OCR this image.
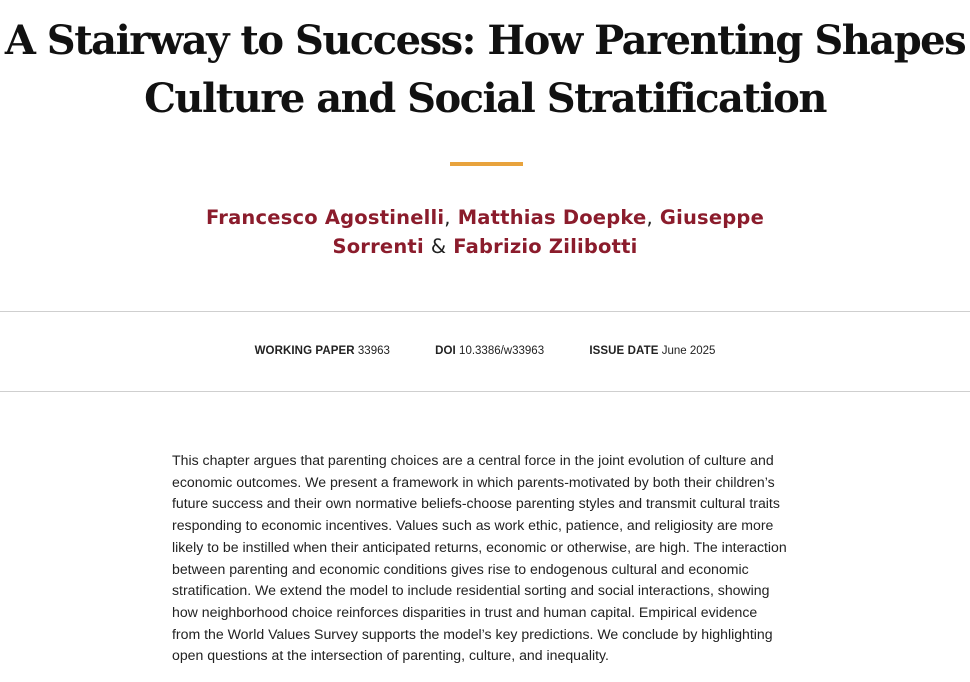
A Stairway to Success: How Parenting Shapes
Culture and Social Stratification
Francesco Agostinelli, Matthias Doepke, Giuseppe
Sorrenti & Fabrizio Zilibotti
WORKING PAPER 33963	DOI 10.3386/w33963	ISSUE DATE June 2025
This chapter argues that parenting choices are a central force in the joint evolution of culture and
economic outcomes. We present a framework in which parents-motivated by both their children’s
future success and their own normative beliefs-choose parenting styles and transmit cultural traits
responding to economic incentives. Values such as work ethic, patience, and religiosity are more
likely to be instilled when their anticipated returns, economic or otherwise, are high. The interaction
between parenting and economic conditions gives rise to endogenous cultural and economic
stratification. We extend the model to include residential sorting and social interactions, showing
how neighborhood choice reinforces disparities in trust and human capital. Empirical evidence
from the World Values Survey supports the model’s key predictions. We conclude by highlighting
open questions at the intersection of parenting, culture, and inequality.
